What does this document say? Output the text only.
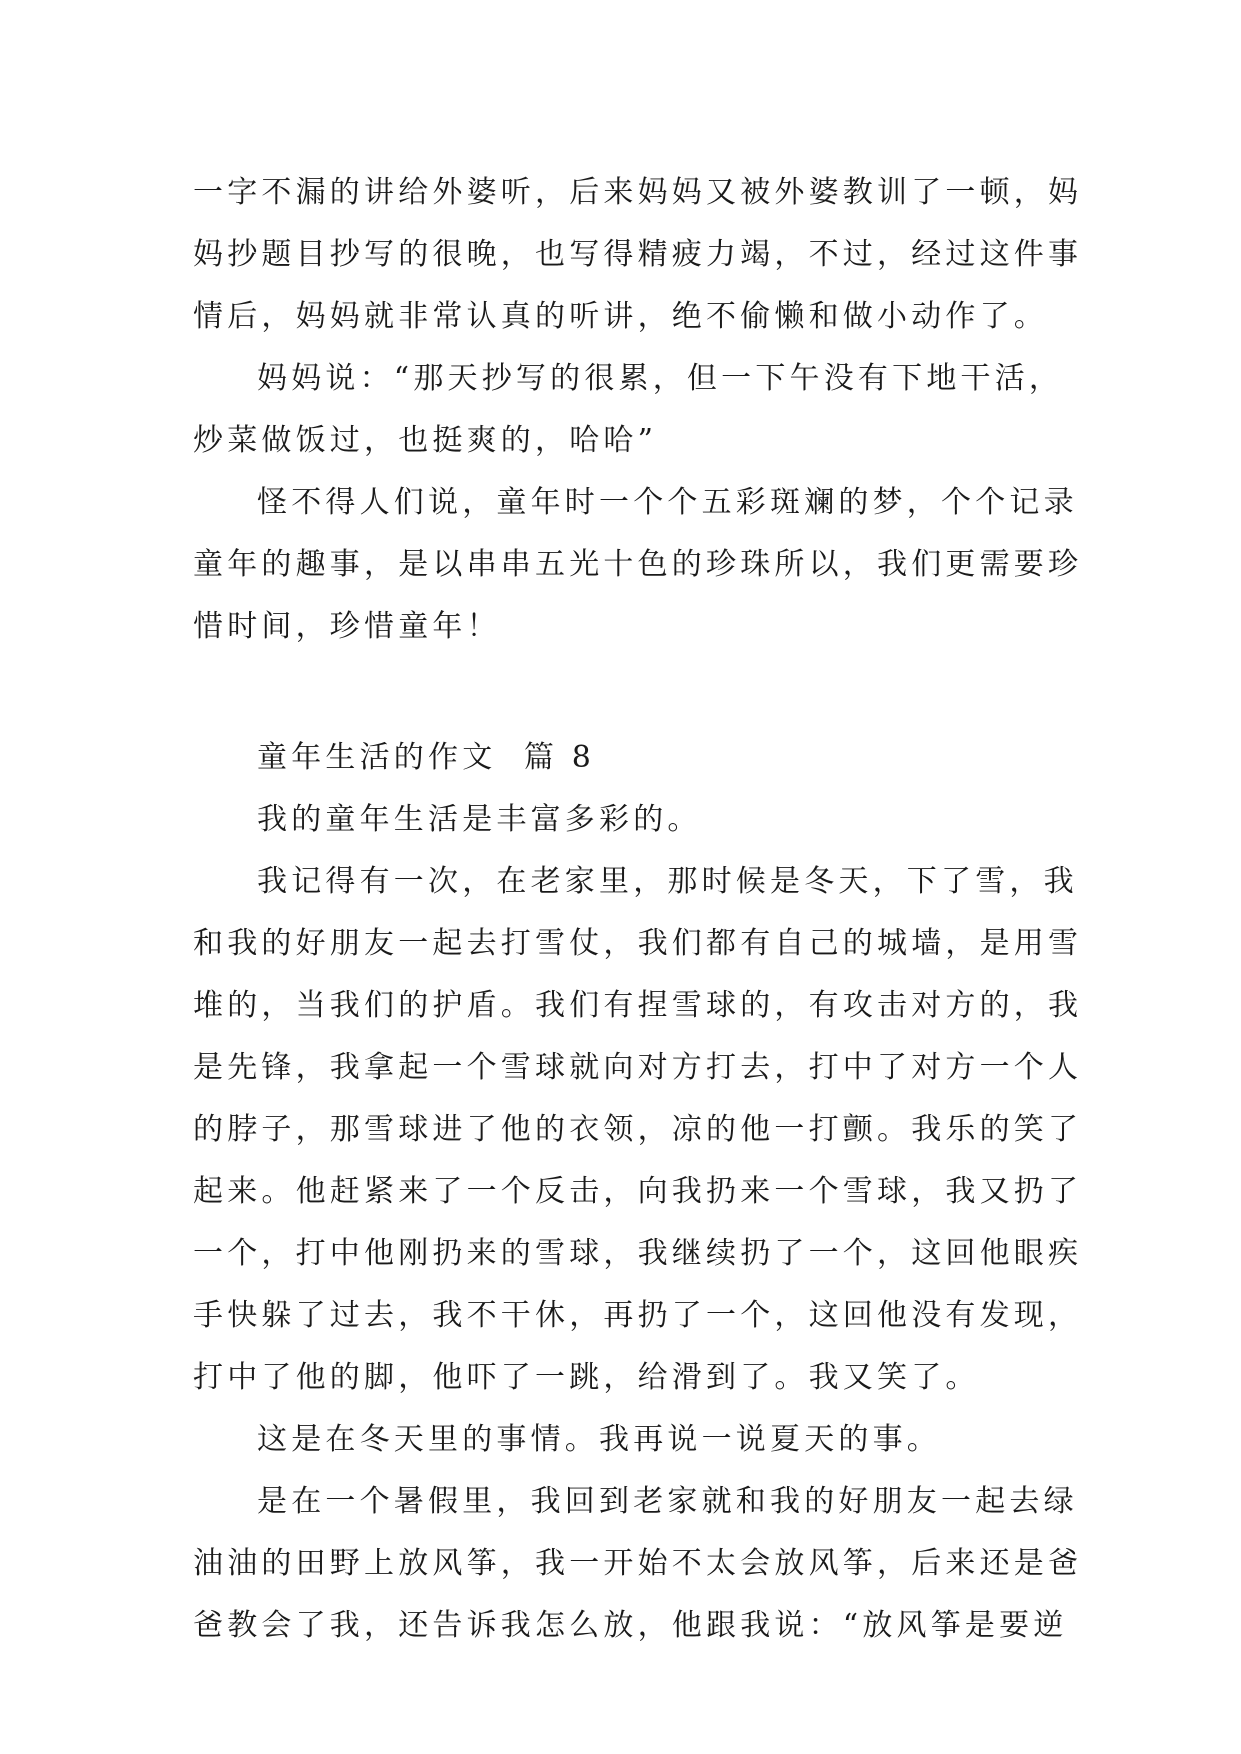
一字不漏的讲给外婆听，后来妈妈又被外婆教训了一顿，妈
妈抄题目抄写的很晚，也写得精疲力竭，不过，经过这件事
情后，妈妈就非常认真的听讲，绝不偷懒和做小动作了。
妈妈说：“那天抄写的很累，但一下午没有下地干活，
炒菜做饭过，也挺爽的，哈哈”
怪不得人们说，童年时一个个五彩斑斓的梦，个个记录
童年的趣事，是以串串五光十色的珍珠所以，我们更需要珍
惜时间，珍惜童年！
童年生活的作文  篇 8
我的童年生活是丰富多彩的。
我记得有一次，在老家里，那时候是冬天，下了雪，我
和我的好朋友一起去打雪仗，我们都有自己的城墙，是用雪
堆的，当我们的护盾。我们有捏雪球的，有攻击对方的，我
是先锋，我拿起一个雪球就向对方打去，打中了对方一个人
的脖子，那雪球进了他的衣领，凉的他一打颤。我乐的笑了
起来。他赶紧来了一个反击，向我扔来一个雪球，我又扔了
一个，打中他刚扔来的雪球，我继续扔了一个，这回他眼疾
手快躲了过去，我不干休，再扔了一个，这回他没有发现，
打中了他的脚，他吓了一跳，给滑到了。我又笑了。
这是在冬天里的事情。我再说一说夏天的事。
是在一个暑假里，我回到老家就和我的好朋友一起去绿
油油的田野上放风筝，我一开始不太会放风筝，后来还是爸
爸教会了我，还告诉我怎么放，他跟我说：“放风筝是要逆
